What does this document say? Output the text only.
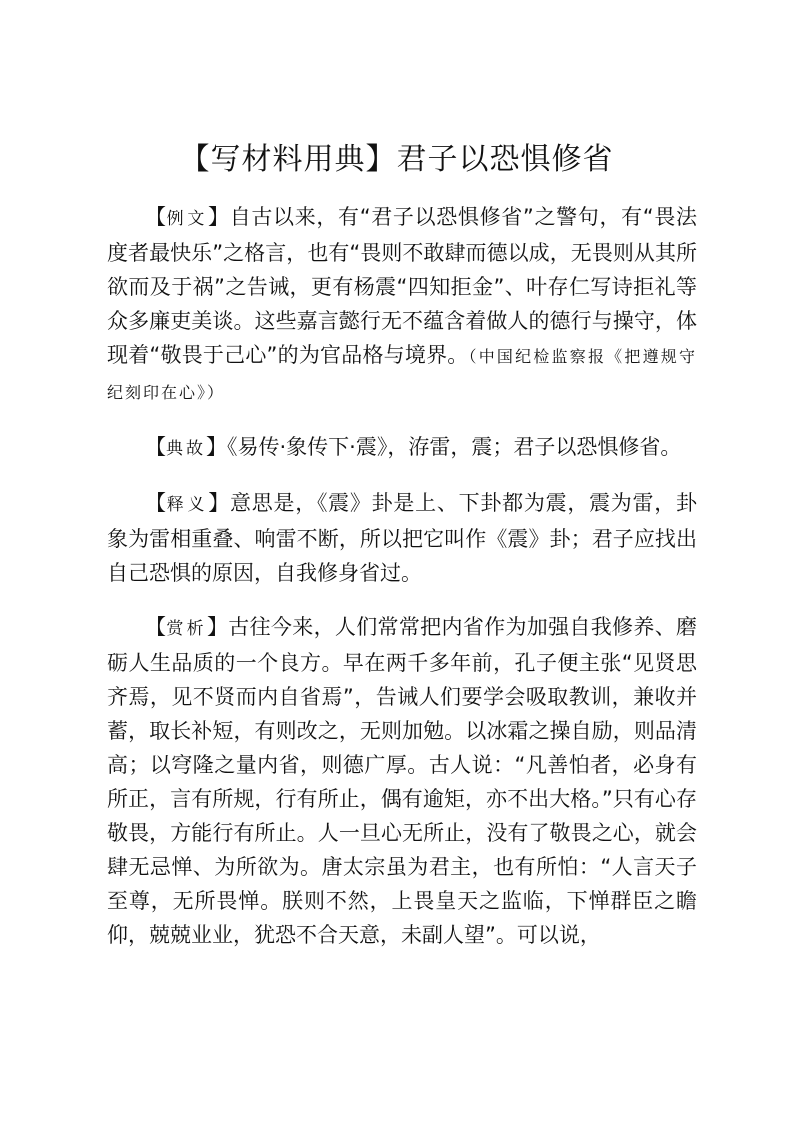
【写材料用典】君子以恐惧修省

【例文】自古以来，有“君子以恐惧修省”之警句，有“畏法度者最快乐”之格言，也有“畏则不敢肆而德以成，无畏则从其所欲而及于祸”之告诫，更有杨震“四知拒金”、叶存仁写诗拒礼等众多廉吏美谈。这些嘉言懿行无不蕴含着做人的德行与操守，体现着“敬畏于己心”的为官品格与境界。（中国纪检监察报《把遵规守纪刻印在心》）

【典故】《易传·象传下·震》，洊雷，震；君子以恐惧修省。

【释义】意思是，《震》卦是上、下卦都为震，震为雷，卦象为雷相重叠、响雷不断，所以把它叫作《震》卦；君子应找出自己恐惧的原因，自我修身省过。

【赏析】古往今来，人们常常把内省作为加强自我修养、磨砺人生品质的一个良方。早在两千多年前，孔子便主张“见贤思齐焉，见不贤而内自省焉”，告诫人们要学会吸取教训，兼收并蓄，取长补短，有则改之，无则加勉。以冰霜之操自励，则品清高；以穹隆之量内省，则德广厚。古人说：“凡善怕者，必身有所正，言有所规，行有所止，偶有逾矩，亦不出大格。”只有心存敬畏，方能行有所止。人一旦心无所止，没有了敬畏之心，就会肆无忌惮、为所欲为。唐太宗虽为君主，也有所怕：“人言天子至尊，无所畏惮。朕则不然，上畏皇天之监临，下惮群臣之瞻仰，兢兢业业，犹恐不合天意，未副人望”。可以说，
